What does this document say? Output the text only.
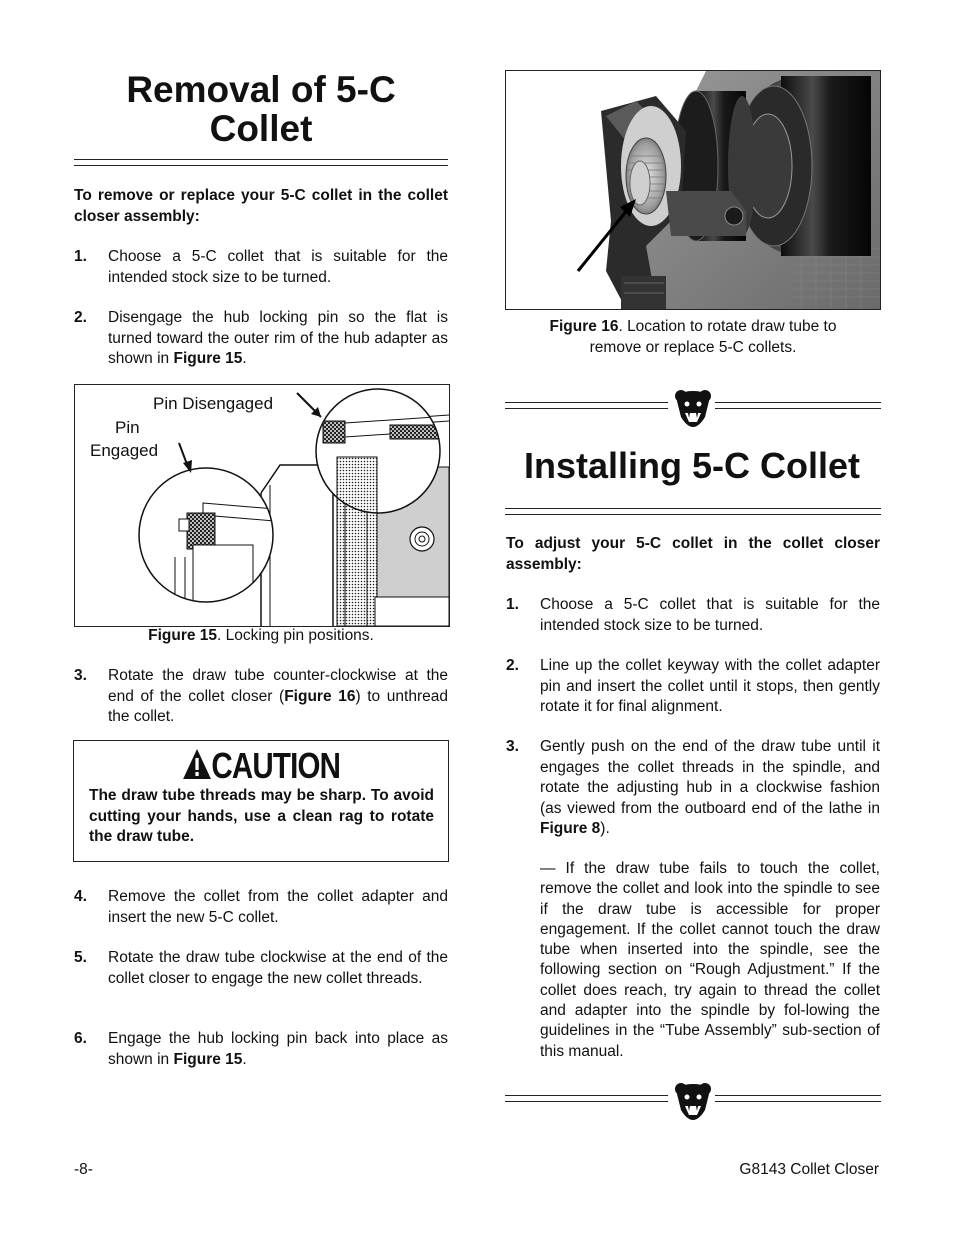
Removal of 5-C
Collet
To remove or replace your 5-C collet in the collet closer assembly:
1. Choose a 5-C collet that is suitable for the intended stock size to be turned.
2. Disengage the hub locking pin so the flat is turned toward the outer rim of the hub adapter as shown in Figure 15.
Pin Disengaged
Pin
Engaged
Figure 15. Locking pin positions.
3. Rotate the draw tube counter-clockwise at the end of the collet closer (Figure 16) to unthread the collet.
CAUTION
The draw tube threads may be sharp. To avoid cutting your hands, use a clean rag to rotate the draw tube.
4. Remove the collet from the collet adapter and insert the new 5-C collet.
5. Rotate the draw tube clockwise at the end of the collet closer to engage the new collet threads.
6. Engage the hub locking pin back into place as shown in Figure 15.
Figure 16. Location to rotate draw tube to remove or replace 5-C collets.
Installing 5-C Collet
To adjust your 5-C collet in the collet closer assembly:
1. Choose a 5-C collet that is suitable for the intended stock size to be turned.
2. Line up the collet keyway with the collet adapter pin and insert the collet until it stops, then gently rotate it for final alignment.
3. Gently push on the end of the draw tube until it engages the collet threads in the spindle, and rotate the adjusting hub in a clockwise fashion (as viewed from the outboard end of the lathe in Figure 8).
— If the draw tube fails to touch the collet, remove the collet and look into the spindle to see if the draw tube is accessible for proper engagement. If the collet cannot touch the draw tube when inserted into the spindle, see the following section on “Rough Adjustment.” If the collet does reach, try again to thread the collet and adapter into the spindle by fol-lowing the guidelines in the “Tube Assembly” sub-section of this manual.
-8-	G8143 Collet Closer
